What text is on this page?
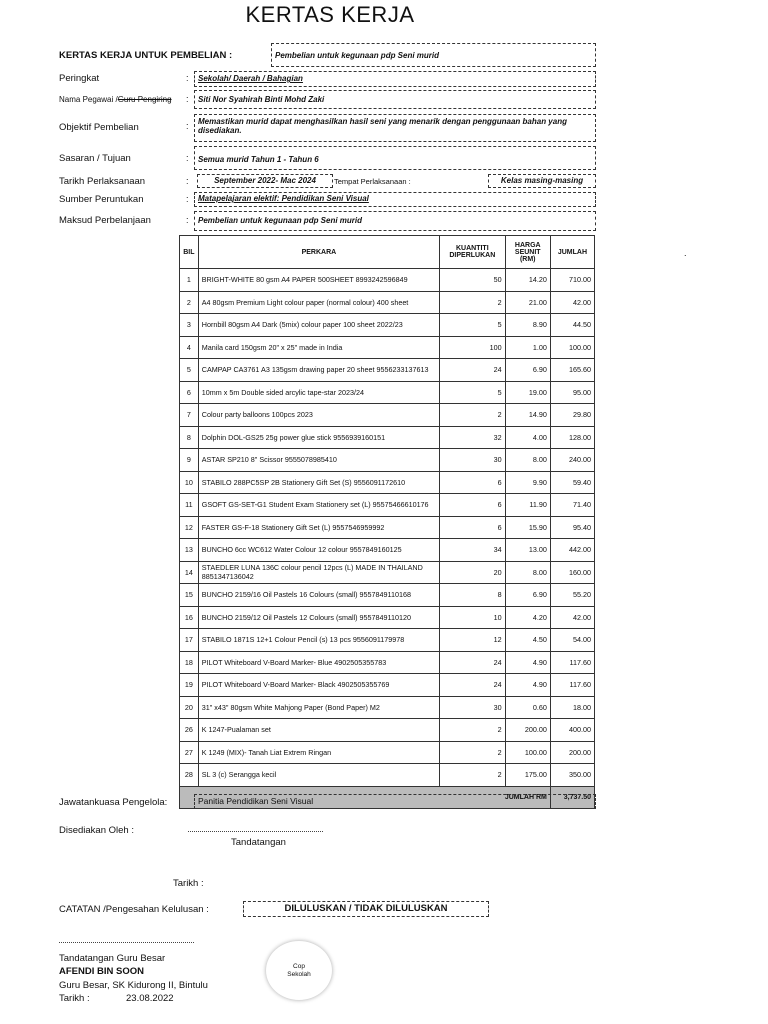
KERTAS KERJA
KERTAS KERJA UNTUK PEMBELIAN :	Pembelian untuk kegunaan pdp Seni murid
Peringkat	:	Sekolah/ Daerah / Bahagian
Nama Pegawai /Guru Pengiring :	Siti Nor Syahirah Binti Mohd Zaki
Objektif Pembelian	:	Memastikan murid dapat menghasilkan hasil seni yang menarik dengan penggunaan bahan yang disediakan.
Sasaran / Tujuan	:	Semua murid Tahun 1 - Tahun 6
Tarikh Perlaksanaan	:	September 2022- Mac 2024	Tempat Perlaksanaan :	Kelas masing-masing
Sumber Peruntukan	:	Matapelajaran elektif: Pendidikan Seni Visual
Maksud Perbelanjaan	:	Pembelian untuk kegunaan pdp Seni murid
.
BIL	PERKARA	KUANTITI DIPERLUKAN	HARGA SEUNIT (RM)	JUMLAH
1	BRIGHT-WHITE 80 gsm A4 PAPER 500SHEET 8993242596849	50	14.20	710.00
2	A4 80gsm Premium Light colour paper (normal colour) 400 sheet	2	21.00	42.00
3	Hornbill 80gsm A4 Dark (5mix) colour paper 100 sheet 2022/23	5	8.90	44.50
4	Manila card 150gsm 20" x 25" made in India	100	1.00	100.00
5	CAMPAP CA3761 A3 135gsm drawing paper 20 sheet 9556233137613	24	6.90	165.60
6	10mm x 5m Double sided arcylic tape-star 2023/24	5	19.00	95.00
7	Colour party balloons 100pcs 2023	2	14.90	29.80
8	Dolphin DOL-GS25 25g power glue stick 9556939160151	32	4.00	128.00
9	ASTAR SP210 8" Scissor 9555078985410	30	8.00	240.00
10	STABILO 288PC5SP 2B Stationery Gift Set (S) 9556091172610	6	9.90	59.40
11	GSOFT GS-SET-G1 Student Exam Stationery set (L) 95575466610176	6	11.90	71.40
12	FASTER GS-F-18 Stationery Gift Set (L) 9557546959992	6	15.90	95.40
13	BUNCHO 6cc WC612 Water Colour 12 colour 9557849160125	34	13.00	442.00
14	STAEDLER LUNA 136C colour pencil 12pcs (L) MADE IN THAILAND 8851347136042	20	8.00	160.00
15	BUNCHO 2159/16 Oil Pastels 16 Colours (small) 9557849110168	8	6.90	55.20
16	BUNCHO 2159/12 Oil Pastels 12 Colours (small) 9557849110120	10	4.20	42.00
17	STABILO 1871S 12+1 Colour Pencil (s) 13 pcs 9556091179978	12	4.50	54.00
18	PILOT Whiteboard V-Board Marker- Blue 4902505355783	24	4.90	117.60
19	PILOT Whiteboard V-Board Marker- Black 4902505355769	24	4.90	117.60
20	31" x43" 80gsm White Mahjong Paper (Bond Paper) M2	30	0.60	18.00
26	K 1247-Pualaman set	2	200.00	400.00
27	K 1249 (MIX)- Tanah Liat Extrem Ringan	2	100.00	200.00
28	SL 3 (c) Serangga kecil	2	175.00	350.00
JUMLAH RM				3,737.50
Jawatankuasa Pengelola:	Panitia Pendidikan Seni Visual
Disediakan Oleh :
Tandatangan
Tarikh :
CATATAN /Pengesahan Kelulusan :	DILULUSKAN / TIDAK DILULUSKAN
Tandatangan Guru Besar
AFENDI BIN SOON
Guru Besar, SK Kidurong II, Bintulu
Tarikh :	23.08.2022
Cop
Sekolah
